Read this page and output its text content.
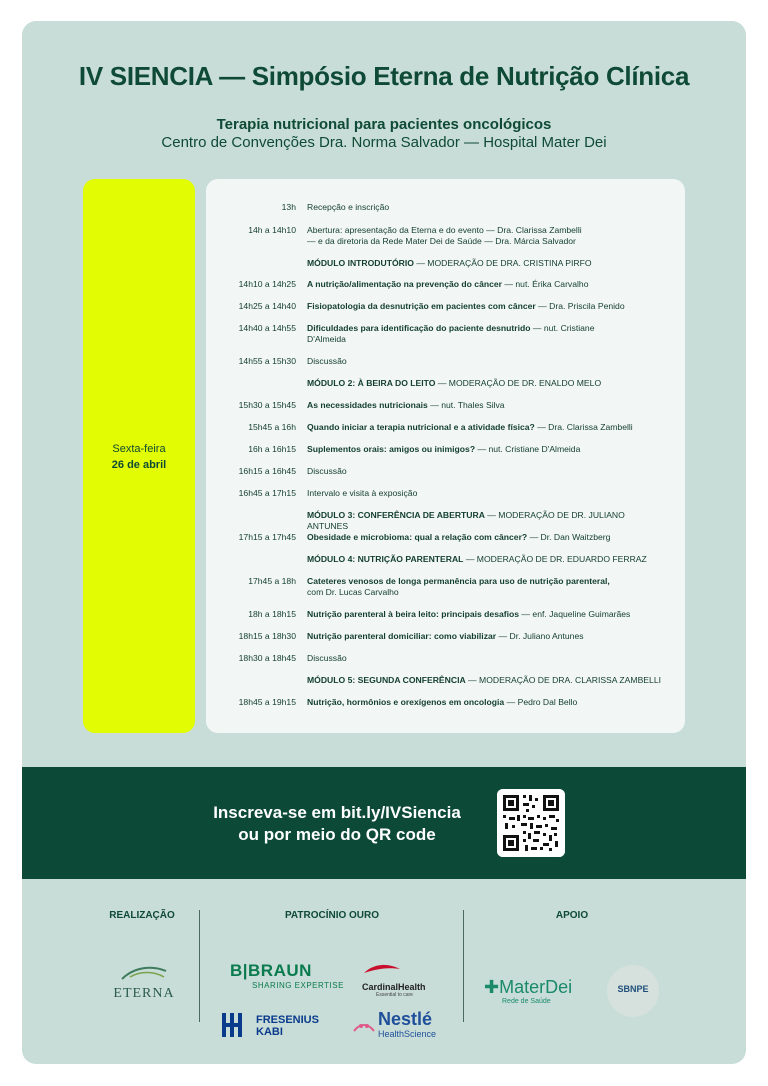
IV SIENCIA — Simpósio Eterna de Nutrição Clínica
Terapia nutricional para pacientes oncológicos
Centro de Convenções Dra. Norma Salvador — Hospital Mater Dei
Sexta-feira
26 de abril
13h Recepção e inscrição
14h a 14h10 Abertura: apresentação da Eterna e do evento — Dra. Clarissa Zambelli
— e da diretoria da Rede Mater Dei de Saúde — Dra. Márcia Salvador
MÓDULO INTRODUTÓRIO — MODERAÇÃO DE DRA. CRISTINA PIRFO
14h10 a 14h25 A nutrição/alimentação na prevenção do câncer — nut. Érika Carvalho
14h25 a 14h40 Fisiopatologia da desnutrição em pacientes com câncer — Dra. Priscila Penido
14h40 a 14h55 Dificuldades para identificação do paciente desnutrido — nut. Cristiane
D'Almeida
14h55 a 15h30 Discussão
MÓDULO 2: À BEIRA DO LEITO — MODERAÇÃO DE DR. ENALDO MELO
15h30 a 15h45 As necessidades nutricionais — nut. Thales Silva
15h45 a 16h Quando iniciar a terapia nutricional e a atividade física? — Dra. Clarissa Zambelli
16h a 16h15 Suplementos orais: amigos ou inimigos? — nut. Cristiane D'Almeida
16h15 a 16h45 Discussão
16h45 a 17h15 Intervalo e visita à exposição
MÓDULO 3: CONFERÊNCIA DE ABERTURA — MODERAÇÃO DE DR. JULIANO ANTUNES
17h15 a 17h45 Obesidade e microbioma: qual a relação com câncer? — Dr. Dan Waitzberg
MÓDULO 4: NUTRIÇÃO PARENTERAL — MODERAÇÃO DE DR. EDUARDO FERRAZ
17h45 a 18h Cateteres venosos de longa permanência para uso de nutrição parenteral,
com Dr. Lucas Carvalho
18h a 18h15 Nutrição parenteral à beira leito: principais desafios — enf. Jaqueline Guimarães
18h15 a 18h30 Nutrição parenteral domiciliar: como viabilizar — Dr. Juliano Antunes
18h30 a 18h45 Discussão
MÓDULO 5: SEGUNDA CONFERÊNCIA — MODERAÇÃO DE DRA. CLARISSA ZAMBELLI
18h45 a 19h15 Nutrição, hormônios e orexígenos em oncologia — Pedro Dal Bello
Inscreva-se em bit.ly/IVSiencia
ou por meio do QR code
REALIZAÇÃO	PATROCÍNIO OURO	APOIO
ETERNA
B|BRAUN
SHARING EXPERTISE	CardinalHealth
Essential to care
FRESENIUS
KABI
Nestlé
HealthScience
✚MaterDei
Rede de Saúde
SBNPE
